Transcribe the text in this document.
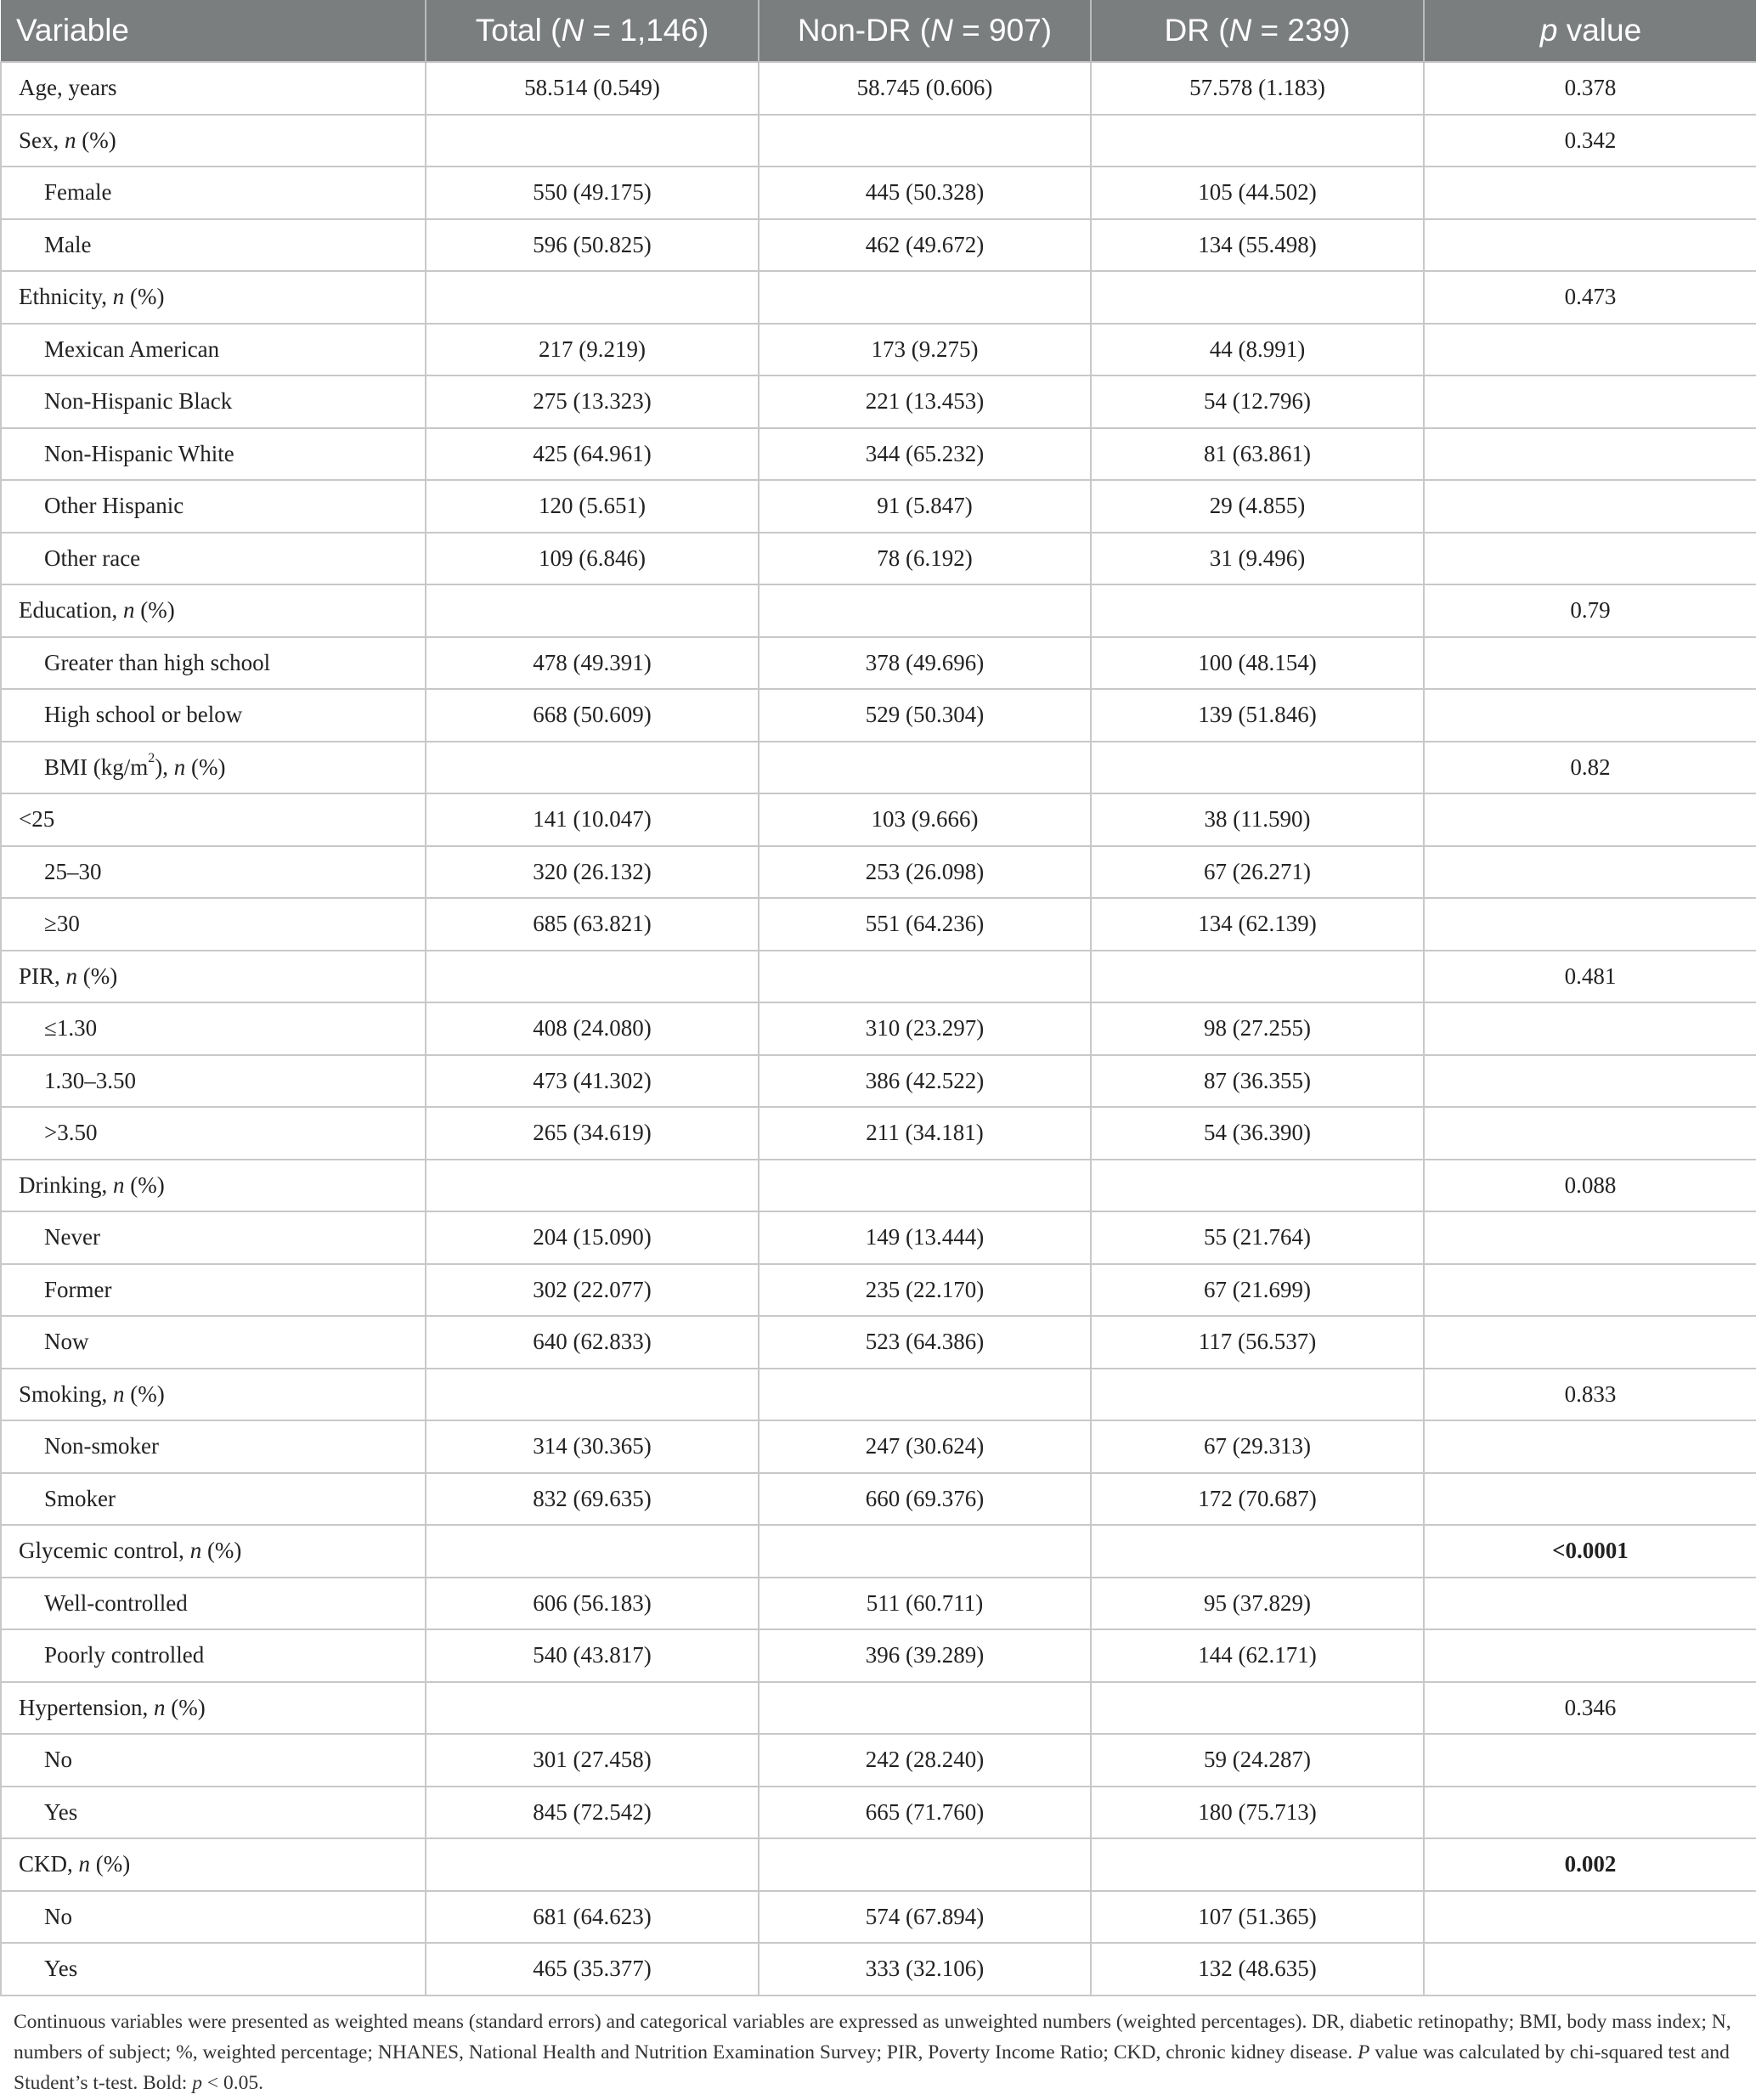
Variable	Total (N = 1,146)	Non-DR (N = 907)	DR (N = 239)	p value
Age, years	58.514 (0.549)	58.745 (0.606)	57.578 (1.183)	0.378
Sex, n (%)				0.342
Female	550 (49.175)	445 (50.328)	105 (44.502)	
Male	596 (50.825)	462 (49.672)	134 (55.498)	
Ethnicity, n (%)				0.473
Mexican American	217 (9.219)	173 (9.275)	44 (8.991)	
Non-Hispanic Black	275 (13.323)	221 (13.453)	54 (12.796)	
Non-Hispanic White	425 (64.961)	344 (65.232)	81 (63.861)	
Other Hispanic	120 (5.651)	91 (5.847)	29 (4.855)	
Other race	109 (6.846)	78 (6.192)	31 (9.496)	
Education, n (%)				0.79
Greater than high school	478 (49.391)	378 (49.696)	100 (48.154)	
High school or below	668 (50.609)	529 (50.304)	139 (51.846)	
BMI $(kg/m^2)$, n (%)				0.82
<25	141 (10.047)	103 (9.666)	38 (11.590)	
25–30	320 (26.132)	253 (26.098)	67 (26.271)	
≥30	685 (63.821)	551 (64.236)	134 (62.139)	
PIR, n (%)				0.481
≤1.30	408 (24.080)	310 (23.297)	98 (27.255)	
1.30–3.50	473 (41.302)	386 (42.522)	87 (36.355)	
>3.50	265 (34.619)	211 (34.181)	54 (36.390)	
Drinking, n (%)				0.088
Never	204 (15.090)	149 (13.444)	55 (21.764)	
Former	302 (22.077)	235 (22.170)	67 (21.699)	
Now	640 (62.833)	523 (64.386)	117 (56.537)	
Smoking, n (%)				0.833
Non-smoker	314 (30.365)	247 (30.624)	67 (29.313)	
Smoker	832 (69.635)	660 (69.376)	172 (70.687)	
Glycemic control, n (%)				<0.0001
Well-controlled	606 (56.183)	511 (60.711)	95 (37.829)	
Poorly controlled	540 (43.817)	396 (39.289)	144 (62.171)	
Hypertension, n (%)				0.346
No	301 (27.458)	242 (28.240)	59 (24.287)	
Yes	845 (72.542)	665 (71.760)	180 (75.713)	
CKD, n (%)				0.002
No	681 (64.623)	574 (67.894)	107 (51.365)	
Yes	465 (35.377)	333 (32.106)	132 (48.635)	

Continuous variables were presented as weighted means (standard errors) and categorical variables are expressed as unweighted numbers (weighted percentages). DR, diabetic retinopathy; BMI, body mass index; N, numbers of subject; %, weighted percentage; NHANES, National Health and Nutrition Examination Survey; PIR, Poverty Income Ratio; CKD, chronic kidney disease. P value was calculated by chi-squared test and Student’s t-test. Bold: p < 0.05.
